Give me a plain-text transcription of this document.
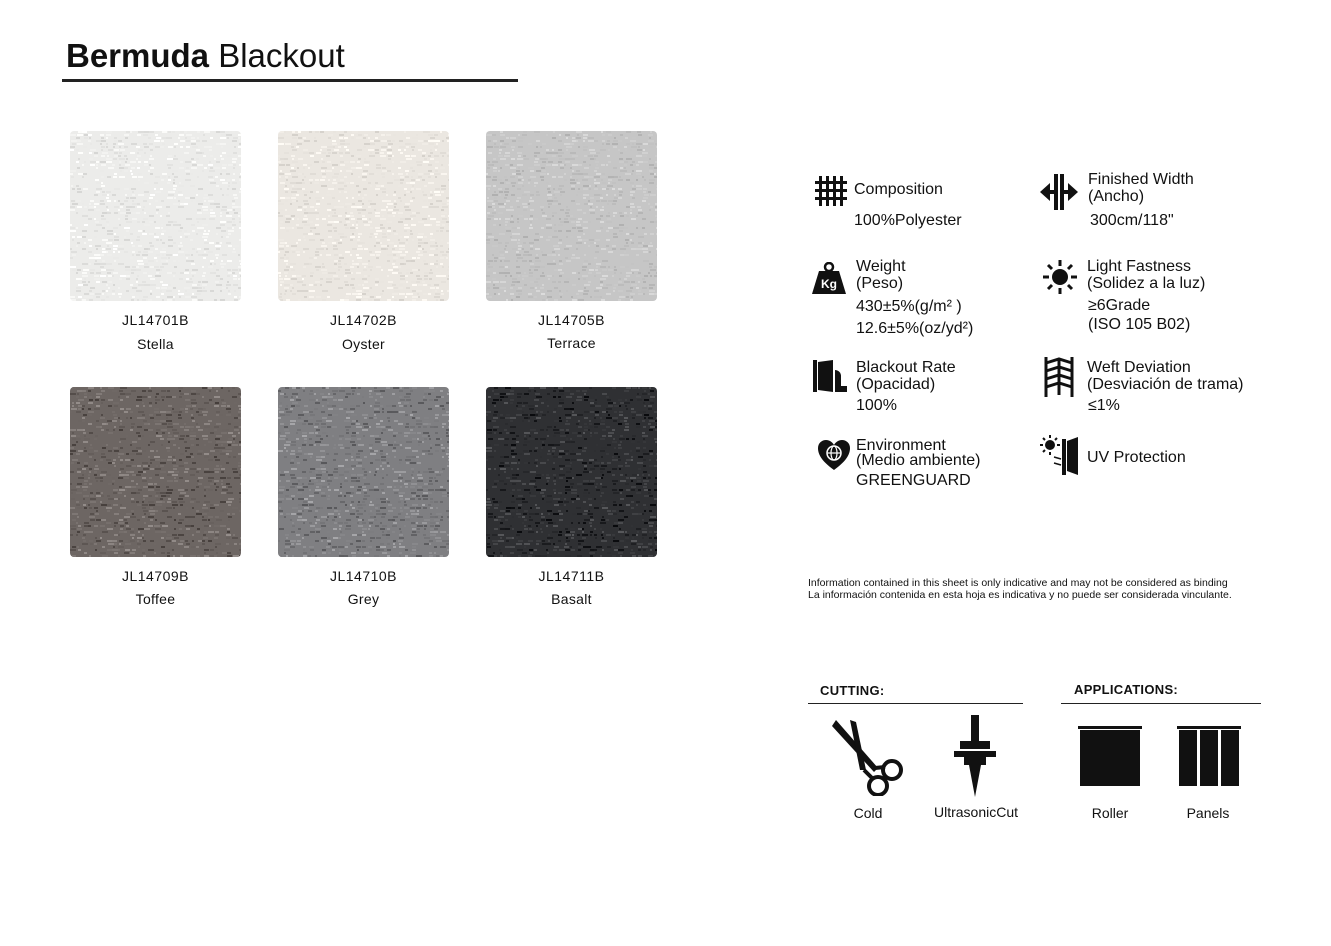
Bermuda Blackout
JL14701B
Stella
JL14702B
Oyster
JL14705B
Terrace
JL14709B
Toffee
JL14710B
Grey
JL14711B
Basalt
Composition
100%Polyester
Finished Width
(Ancho)
300cm/118"
Kg
Weight
(Peso)
430±5%(g/m² )
12.6±5%(oz/yd²)
Light Fastness
(Solidez a la luz)
≥6Grade
(ISO 105 B02)
Blackout Rate
(Opacidad)
100%
Weft Deviation
(Desviación de trama)
≤1%
Environment
(Medio ambiente)
GREENGUARD
UV Protection
Information contained in this sheet is only indicative and may not be considered as binding
La información contenida en esta hoja es indicativa y no puede ser considerada vinculante.
CUTTING:
Cold	UltrasonicCut
APPLICATIONS:
Roller	Panels
